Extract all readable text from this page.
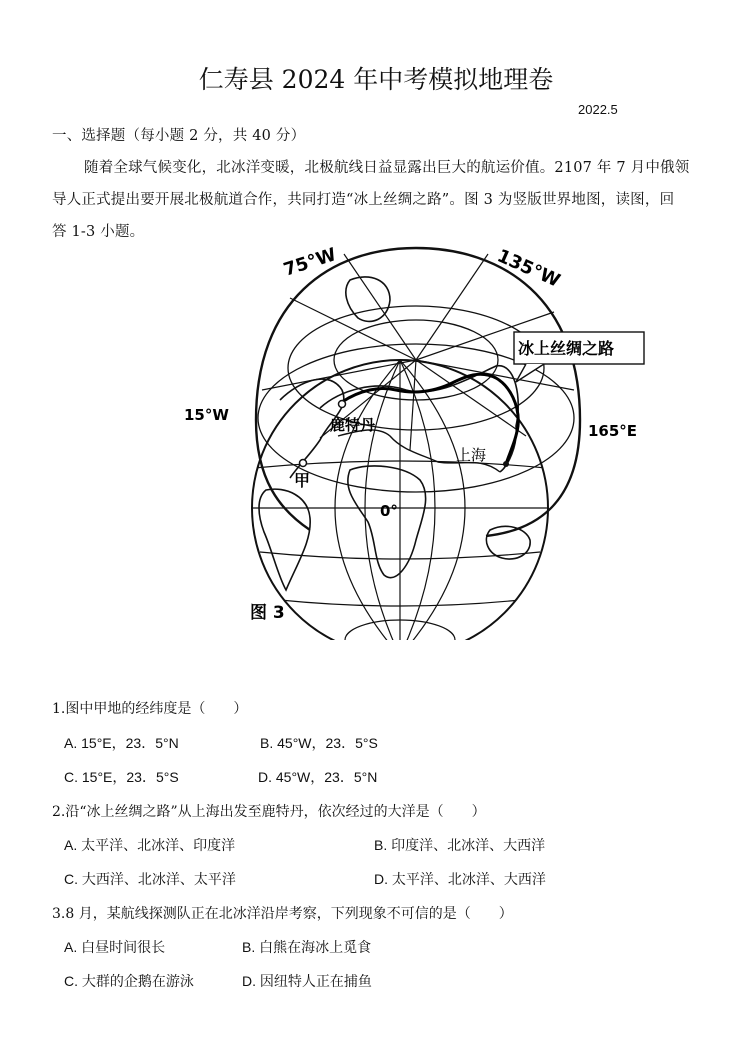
仁寿县 2024 年中考模拟地理卷
2022.5
一、选择题（每小题 2 分，共 40 分）
随着全球气候变化，北冰洋变暖，北极航线日益显露出巨大的航运价值。2107 年 7 月中俄领
导人正式提出要开展北极航道合作，共同打造“冰上丝绸之路”。图 3 为竖版世界地图，读图，回
答 1-3 小题。
75°W	135°W
15°W
165°E
冰上丝绸之路
鹿特丹
上海
甲
0°
图 3
1.图中甲地的经纬度是（　　）
A. 15°E，23．5°N	B. 45°W，23．5°S
C. 15°E，23．5°S	D. 45°W，23．5°N
2.沿“冰上丝绸之路”从上海出发至鹿特丹，依次经过的大洋是（　　）
A. 太平洋、北冰洋、印度洋	B. 印度洋、北冰洋、大西洋
C. 大西洋、北冰洋、太平洋	D. 太平洋、北冰洋、大西洋
3.8 月，某航线探测队正在北冰洋沿岸考察，下列现象不可信的是（　　）
A. 白昼时间很长	B. 白熊在海冰上觅食
C. 大群的企鹅在游泳	D. 因纽特人正在捕鱼
